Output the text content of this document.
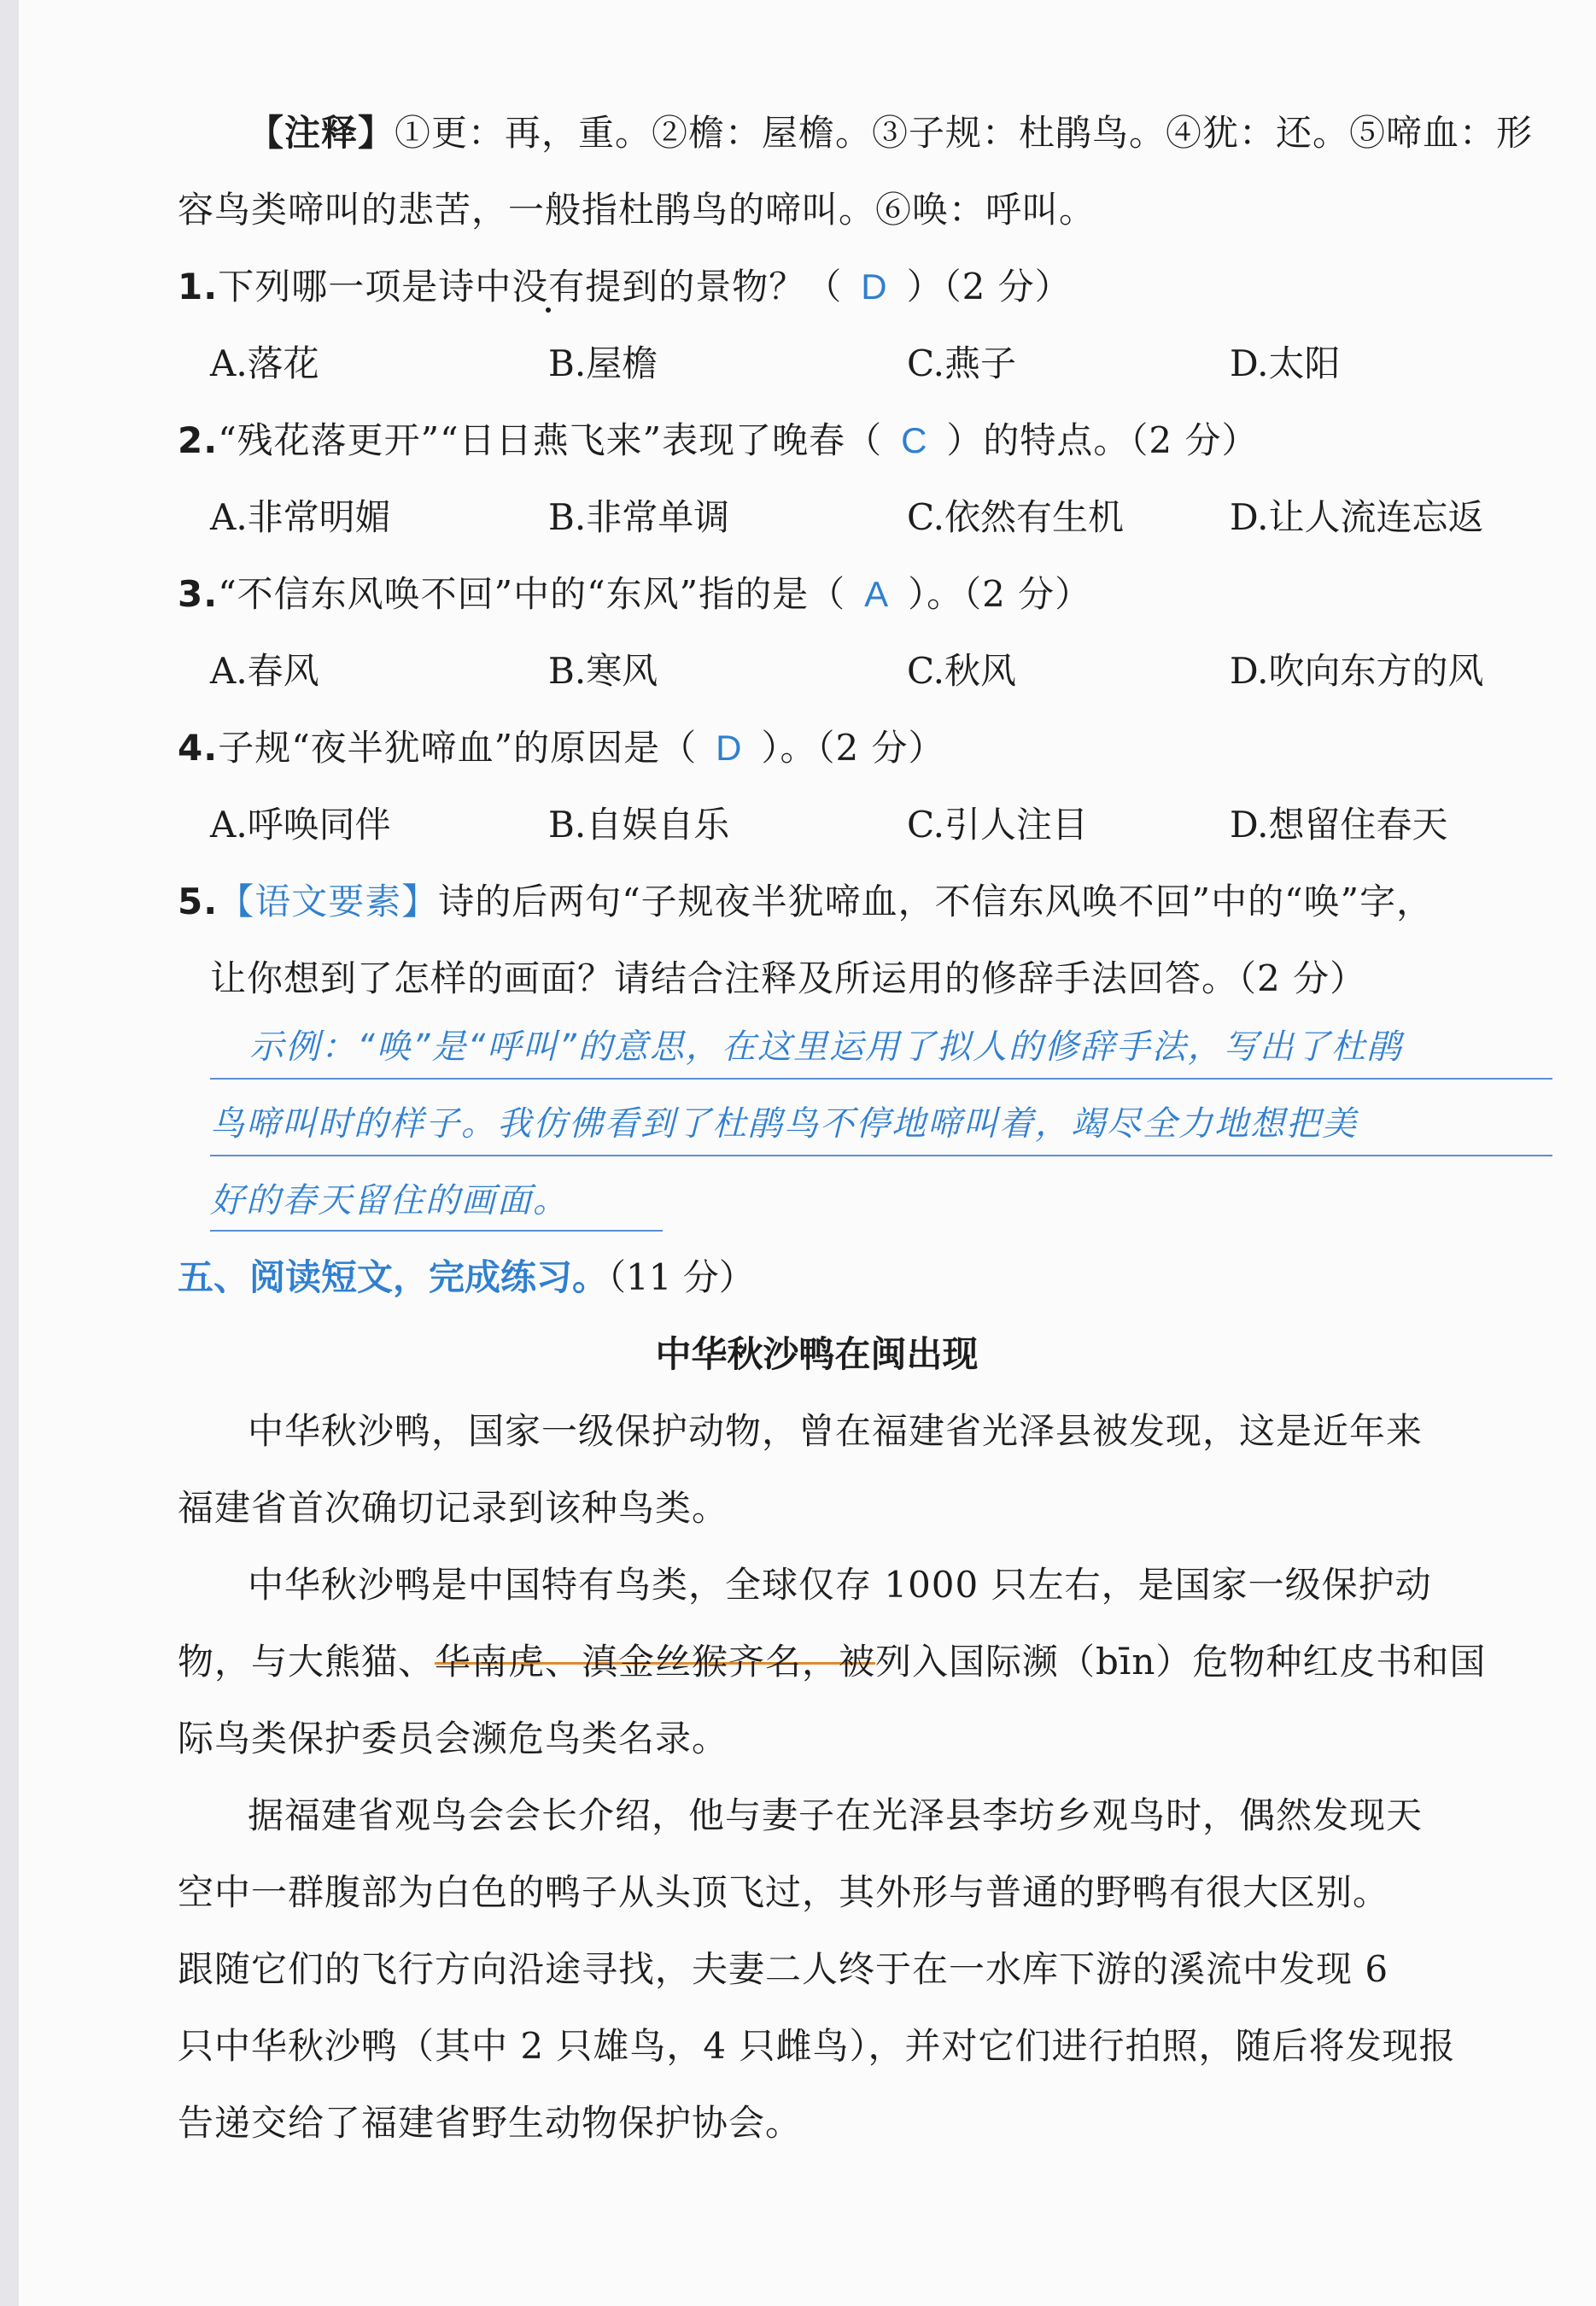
【注释】①更：再，重。②檐：屋檐。③子规：杜鹃鸟。④犹：还。⑤啼血：形
容鸟类啼叫的悲苦，一般指杜鹃鸟的啼叫。⑥唤：呼叫。
1.下列哪一项是诗中没有提到的景物？（ D ）（2 分）
A.落花	B.屋檐	C.燕子	D.太阳
2.“残花落更开”“日日燕飞来”表现了晚春（ C ）的特点。（2 分）
A.非常明媚	B.非常单调	C.依然有生机	D.让人流连忘返
3.“不信东风唤不回”中的“东风”指的是（ A ）。（2 分）
A.春风	B.寒风	C.秋风	D.吹向东方的风
4.子规“夜半犹啼血”的原因是（ D ）。（2 分）
A.呼唤同伴	B.自娱自乐	C.引人注目	D.想留住春天
5.【语文要素】诗的后两句“子规夜半犹啼血，不信东风唤不回”中的“唤”字，
让你想到了怎样的画面？请结合注释及所运用的修辞手法回答。（2 分）
示例：“唤”是“呼叫”的意思，在这里运用了拟人的修辞手法，写出了杜鹃
鸟啼叫时的样子。我仿佛看到了杜鹃鸟不停地啼叫着，竭尽全力地想把美
好的春天留住的画面。
五、阅读短文，完成练习。（11 分）
中华秋沙鸭在闽出现
中华秋沙鸭，国家一级保护动物，曾在福建省光泽县被发现，这是近年来
福建省首次确切记录到该种鸟类。
中华秋沙鸭是中国特有鸟类，全球仅存 1000 只左右，是国家一级保护动
物，与大熊猫、华南虎、滇金丝猴齐名，被列入国际濒（bīn）危物种红皮书和国
际鸟类保护委员会濒危鸟类名录。
据福建省观鸟会会长介绍，他与妻子在光泽县李坊乡观鸟时，偶然发现天
空中一群腹部为白色的鸭子从头顶飞过，其外形与普通的野鸭有很大区别。
跟随它们的飞行方向沿途寻找，夫妻二人终于在一水库下游的溪流中发现 6
只中华秋沙鸭（其中 2 只雄鸟，4 只雌鸟），并对它们进行拍照，随后将发现报
告递交给了福建省野生动物保护协会。
